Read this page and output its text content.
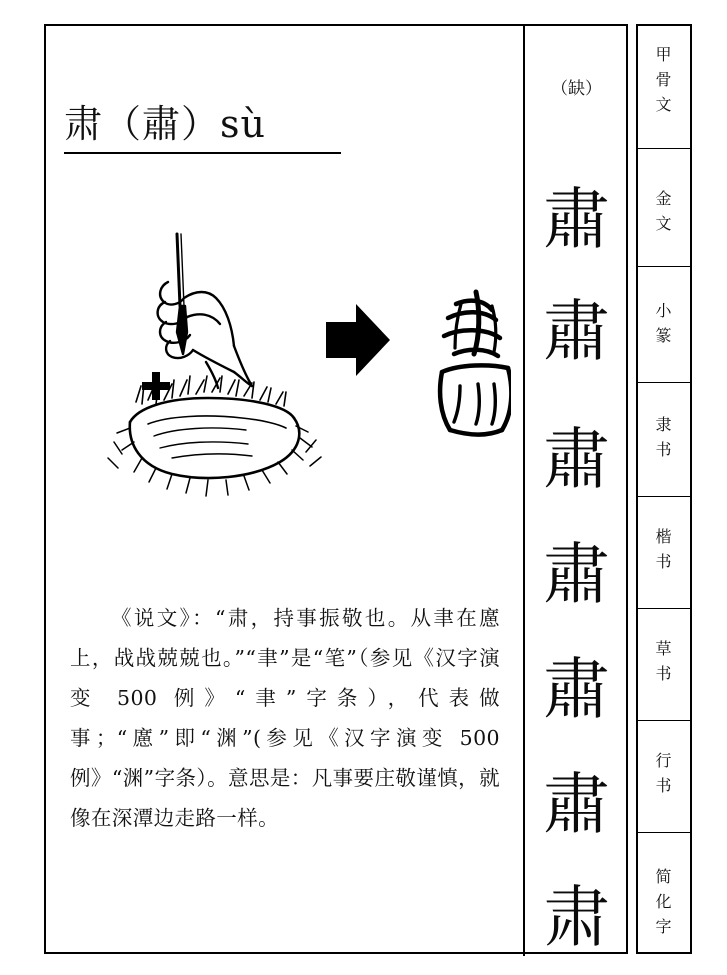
肃（肅）sù
《说文》：“肃，持事振敬也。从聿在㢜上，战战兢兢也。”“聿”是“笔”（参见《汉字演变 500 例》“聿”字条），代表做事；“㢜”即“渊”(参见《汉字演变 500 例》“渊”字条）。意思是：凡事要庄敬谨慎，就像在深潭边走路一样。
（缺）
肅
肅
肅
肅
肅
肅
肃
甲
骨
文
金
文
小
篆
隶
书
楷
书
草
书
行
书
简
化
字
